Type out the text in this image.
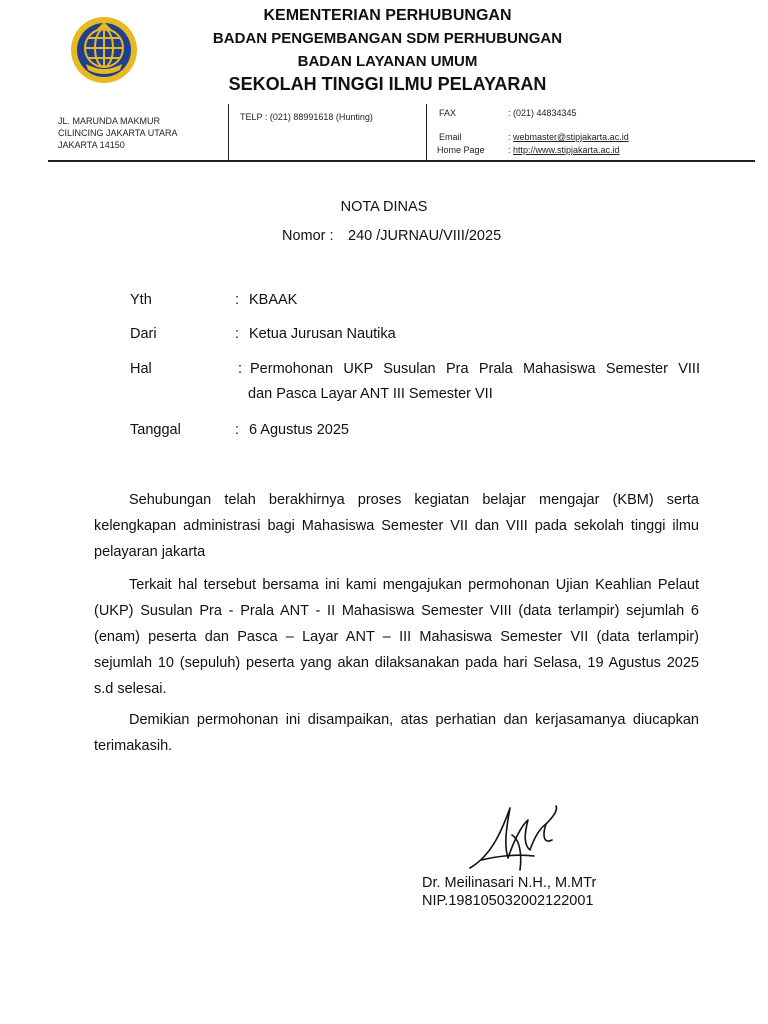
KEMENTERIAN PERHUBUNGAN
BADAN PENGEMBANGAN SDM PERHUBUNGAN
BADAN LAYANAN UMUM
SEKOLAH TINGGI ILMU PELAYARAN
JL. MARUNDA MAKMUR
CILINCING JAKARTA UTARA
JAKARTA 14150
TELP : (021) 88991618 (Hunting)	FAX	: (021) 44834345
Email	: webmaster@stipjakarta.ac.id
Home Page	: http://www.stipjakarta.ac.id
NOTA DINAS
Nomor : 240 /JURNAU/VIII/2025
Yth	: KBAAK
Dari	: Ketua Jurusan Nautika
Hal	: Permohonan UKP Susulan Pra Prala Mahasiswa Semester VIII
dan Pasca Layar ANT III Semester VII
Tanggal	: 6 Agustus 2025

Sehubungan telah berakhirnya proses kegiatan belajar mengajar (KBM) serta kelengkapan administrasi bagi Mahasiswa Semester VII dan VIII pada sekolah tinggi ilmu pelayaran jakarta

Terkait hal tersebut bersama ini kami mengajukan permohonan Ujian Keahlian Pelaut (UKP) Susulan Pra - Prala ANT - II Mahasiswa Semester VIII (data terlampir) sejumlah 6 (enam) peserta dan Pasca – Layar ANT – III Mahasiswa Semester VII (data terlampir) sejumlah 10 (sepuluh) peserta yang akan dilaksanakan pada hari Selasa, 19 Agustus 2025 s.d selesai.

Demikian permohonan ini disampaikan, atas perhatian dan kerjasamanya diucapkan terimakasih.

Dr. Meilinasari N.H., M.MTr
NIP.198105032002122001
